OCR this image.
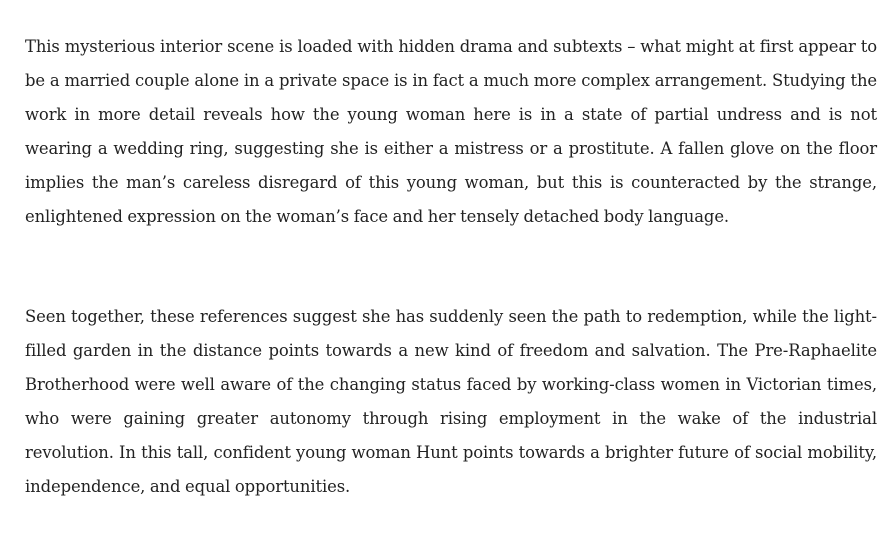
This mysterious interior scene is loaded with hidden drama and subtexts – what might at first appear to be a married couple alone in a private space is in fact a much more complex arrangement. Studying the work in more detail reveals how the young woman here is in a state of partial undress and is not wearing a wedding ring, suggesting she is either a mistress or a prostitute. A fallen glove on the floor implies the man’s careless disregard of this young woman, but this is counteracted by the strange, enlightened expression on the woman’s face and her tensely detached body language.

Seen together, these references suggest she has suddenly seen the path to redemption, while the light-filled garden in the distance points towards a new kind of freedom and salvation. The Pre-Raphaelite Brotherhood were well aware of the changing status faced by working-class women in Victorian times, who were gaining greater autonomy through rising employment in the wake of the industrial revolution. In this tall, confident young woman Hunt points towards a brighter future of social mobility, independence, and equal opportunities.
